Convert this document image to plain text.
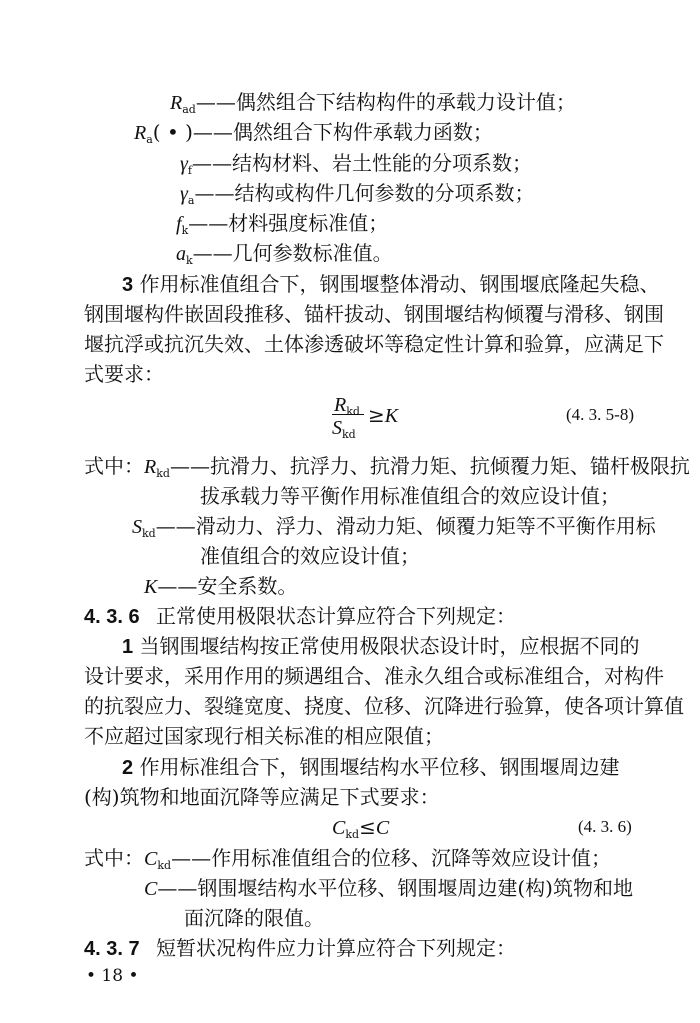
$R_{ad}——$偶然组合下结构构件的承载力设计值；
$R_a$( • )——偶然组合下构件承载力函数；
$\gamma_f——$结构材料、岩土性能的分项系数；
$\gamma_a——$结构或构件几何参数的分项系数；
$f_k——$材料强度标准值；
$a_k——$几何参数标准值。
3 作用标准值组合下，钢围堰整体滑动、钢围堰底隆起失稳、
钢围堰构件嵌固段推移、锚杆拔动、钢围堰结构倾覆与滑移、钢围
堰抗浮或抗沉失效、土体渗透破坏等稳定性计算和验算，应满足下
式要求：
$R_{kd}$
$S_{kd}$
≥K	(4. 3. 5-8)
式中：$R_{kd}——$抗滑力、抗浮力、抗滑力矩、抗倾覆力矩、锚杆极限抗
拔承载力等平衡作用标准值组合的效应设计值；
$S_{kd}——$滑动力、浮力、滑动力矩、倾覆力矩等不平衡作用标
准值组合的效应设计值；
K——安全系数。
4. 3. 6 正常使用极限状态计算应符合下列规定：
1 当钢围堰结构按正常使用极限状态设计时，应根据不同的
设计要求，采用作用的频遇组合、准永久组合或标准组合，对构件
的抗裂应力、裂缝宽度、挠度、位移、沉降进行验算，使各项计算值
不应超过国家现行相关标准的相应限值；
2 作用标准组合下，钢围堰结构水平位移、钢围堰周边建
(构)筑物和地面沉降等应满足下式要求：
$C_{kd}\le C$	(4. 3. 6)
式中：$C_{kd}——$作用标准值组合的位移、沉降等效应设计值；
C——钢围堰结构水平位移、钢围堰周边建(构)筑物和地
面沉降的限值。
4. 3. 7 短暂状况构件应力计算应符合下列规定：
• 18 •
